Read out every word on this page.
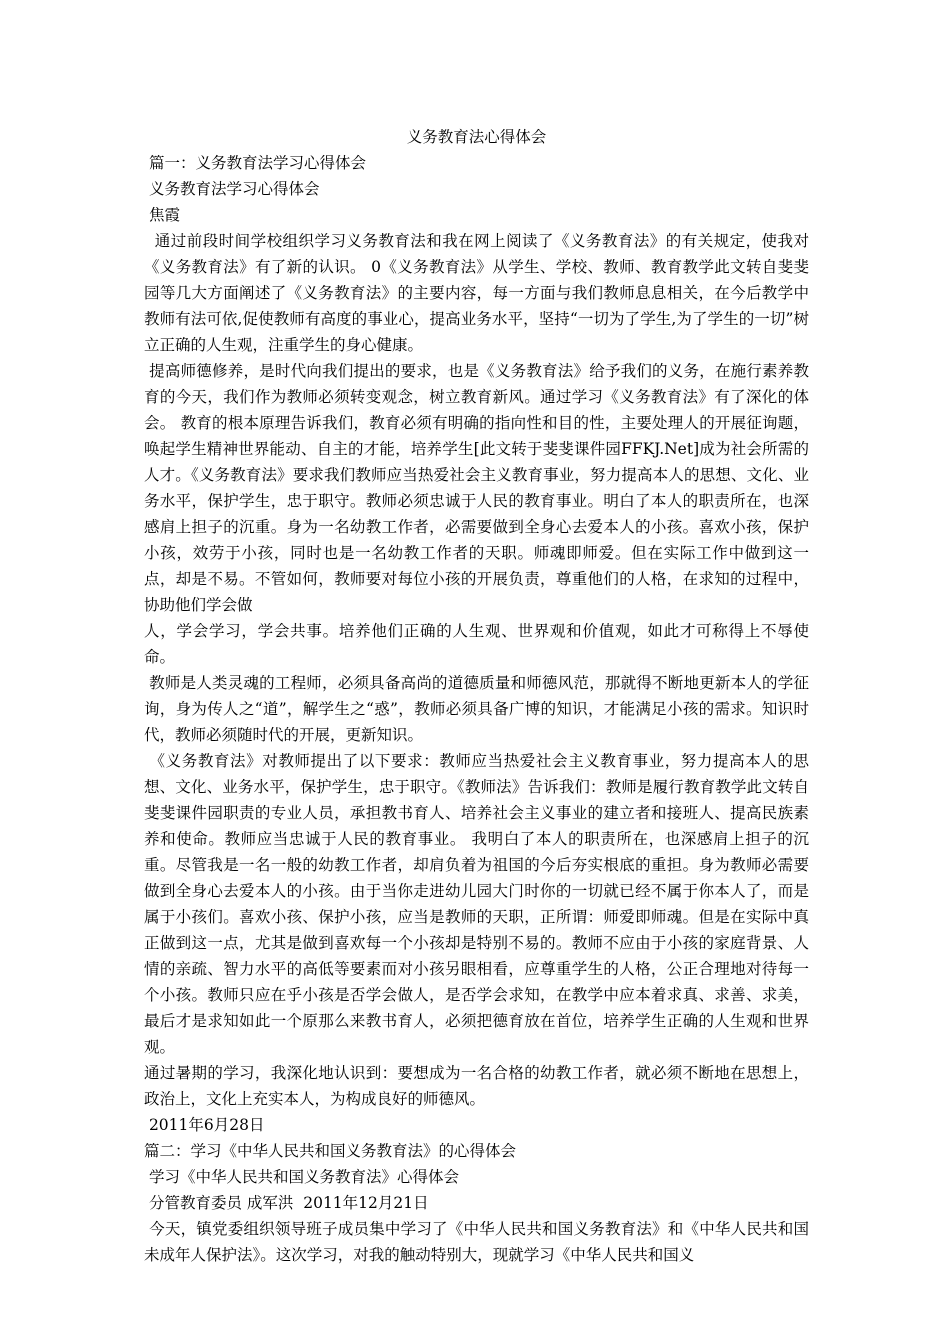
义务教育法心得体会

篇一：义务教育法学习心得体会

义务教育法学习心得体会

焦霞

通过前段时间学校组织学习义务教育法和我在网上阅读了《义务教育法》的有关规定，使我对《义务教育法》有了新的认识。 0《义务教育法》从学生、学校、教师、教育教学此文转自斐斐园等几大方面阐述了《义务教育法》的主要内容，每一方面与我们教师息息相关，在今后教学中教师有法可依,促使教师有高度的事业心，提高业务水平，坚持“一切为了学生,为了学生的一切”树立正确的人生观，注重学生的身心健康。

提高师德修养，是时代向我们提出的要求，也是《义务教育法》给予我们的义务，在施行素养教育的今天，我们作为教师必须转变观念，树立教育新风。通过学习《义务教育法》有了深化的体会。 教育的根本原理告诉我们，教育必须有明确的指向性和目的性，主要处理人的开展征询题，唤起学生精神世界能动、自主的才能，培养学生[此文转于斐斐课件园FFKJ.Net]成为社会所需的人才。《义务教育法》要求我们教师应当热爱社会主义教育事业，努力提高本人的思想、文化、业务水平，保护学生，忠于职守。教师必须忠诚于人民的教育事业。明白了本人的职责所在，也深感肩上担子的沉重。身为一名幼教工作者，必需要做到全身心去爱本人的小孩。喜欢小孩，保护小孩，效劳于小孩，同时也是一名幼教工作者的天职。师魂即师爱。但在实际工作中做到这一点，却是不易。不管如何，教师要对每位小孩的开展负责，尊重他们的人格，在求知的过程中，协助他们学会做

人，学会学习，学会共事。培养他们正确的人生观、世界观和价值观，如此才可称得上不辱使命。

教师是人类灵魂的工程师，必须具备高尚的道德质量和师德风范，那就得不断地更新本人的学征询，身为传人之“道”，解学生之“惑”，教师必须具备广博的知识，才能满足小孩的需求。知识时代，教师必须随时代的开展，更新知识。

《义务教育法》对教师提出了以下要求：教师应当热爱社会主义教育事业，努力提高本人的思想、文化、业务水平，保护学生，忠于职守。《教师法》告诉我们：教师是履行教育教学此文转自斐斐课件园职责的专业人员，承担教书育人、培养社会主义事业的建立者和接班人、提高民族素养和使命。教师应当忠诚于人民的教育事业。 我明白了本人的职责所在，也深感肩上担子的沉重。尽管我是一名一般的幼教工作者，却肩负着为祖国的今后夯实根底的重担。身为教师必需要做到全身心去爱本人的小孩。由于当你走进幼儿园大门时你的一切就已经不属于你本人了，而是属于小孩们。喜欢小孩、保护小孩，应当是教师的天职，正所谓：师爱即师魂。但是在实际中真正做到这一点，尤其是做到喜欢每一个小孩却是特别不易的。教师不应由于小孩的家庭背景、人情的亲疏、智力水平的高低等要素而对小孩另眼相看，应尊重学生的人格，公正合理地对待每一个小孩。教师只应在乎小孩是否学会做人，是否学会求知，在教学中应本着求真、求善、求美，最后才是求知如此一个原那么来教书育人，必须把德育放在首位，培养学生正确的人生观和世界观。

通过暑期的学习，我深化地认识到：要想成为一名合格的幼教工作者，就必须不断地在思想上，政治上，文化上充实本人，为构成良好的师德风。

2011年6月28日

篇二：学习《中华人民共和国义务教育法》的心得体会

学习《中华人民共和国义务教育法》心得体会

分管教育委员 成军洪  2011年12月21日

今天，镇党委组织领导班子成员集中学习了《中华人民共和国义务教育法》和《中华人民共和国未成年人保护法》。这次学习，对我的触动特别大，现就学习《中华人民共和国义
